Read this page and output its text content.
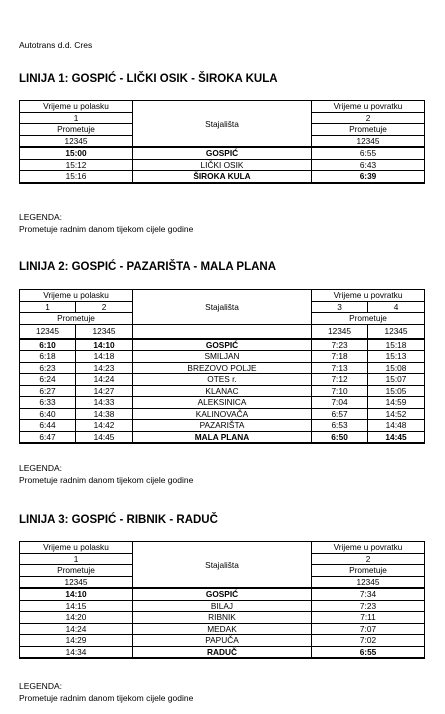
Autotrans d.d. Cres
LINIJA 1: GOSPIĆ - LIČKI OSIK - ŠIROKA KULA
Vrijeme u polasku	Stajališta	Vrijeme u povratku
1		2
Prometuje		Prometuje
12345		12345
15:00	GOSPIĆ	6:55
15:12	LIČKI OSIK	6:43
15:16	ŠIROKA KULA	6:39
LEGENDA:
Prometuje radnim danom tijekom cijele godine
LINIJA 2: GOSPIĆ - PAZARIŠTA - MALA PLANA
Vrijeme u polasku		Stajališta	Vrijeme u povratku	
1	2		3	4
Prometuje			Prometuje	
12345	12345		12345	12345
6:10	14:10	GOSPIĆ	7:23	15:18
6:18	14:18	SMILJAN	7:18	15:13
6:23	14:23	BREZOVO POLJE	7:13	15:08
6:24	14:24	OTES r.	7:12	15:07
6:27	14:27	KLANAC	7:10	15:05
6:33	14:33	ALEKSINICA	7:04	14:59
6:40	14:38	KALINOVAČA	6:57	14:52
6:44	14:42	PAZARIŠTA	6:53	14:48
6:47	14:45	MALA PLANA	6:50	14:45
LEGENDA:
Prometuje radnim danom tijekom cijele godine
LINIJA 3: GOSPIĆ - RIBNIK - RADUČ
Vrijeme u polasku	Stajališta	Vrijeme u povratku
1		2
Prometuje		Prometuje
12345		12345
14:10	GOSPIĆ	7:34
14:15	BILAJ	7:23
14:20	RIBNIK	7:11
14:24	MEDAK	7:07
14:29	PAPUČA	7:02
14:34	RADUČ	6:55
LEGENDA:
Prometuje radnim danom tijekom cijele godine
